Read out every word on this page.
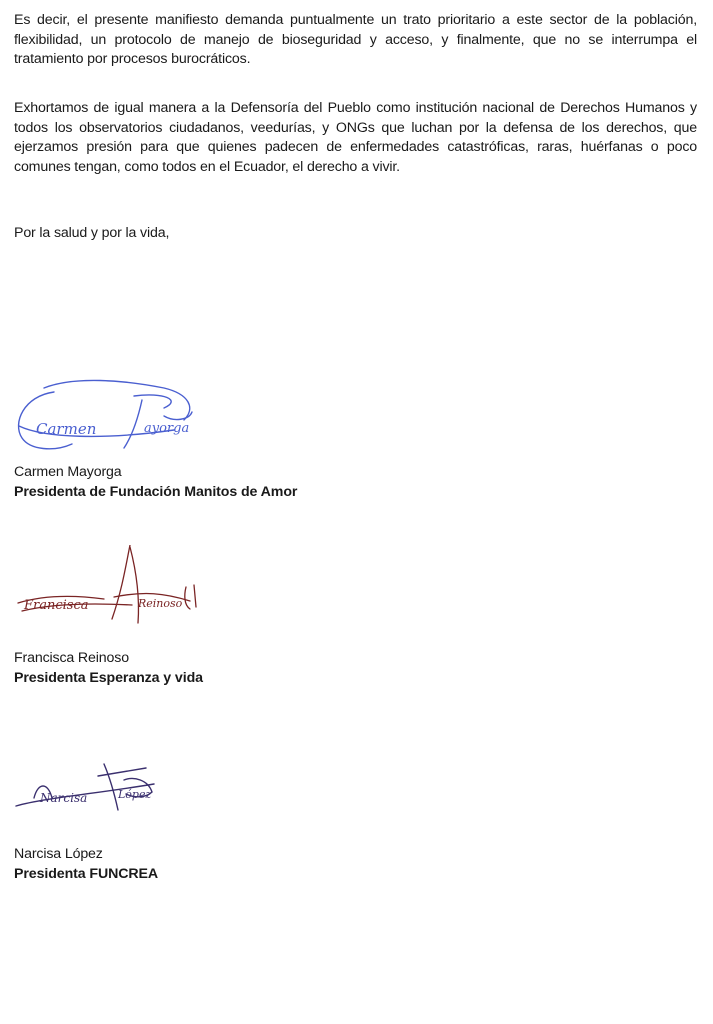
Es decir, el presente manifiesto demanda puntualmente un trato prioritario a este sector de la población, flexibilidad, un protocolo de manejo de bioseguridad y acceso, y finalmente, que no se interrumpa el tratamiento por procesos burocráticos.

Exhortamos de igual manera a la Defensoría del Pueblo como institución nacional de Derechos Humanos y todos los observatorios ciudadanos, veedurías, y ONGs que luchan por la defensa de los derechos, que ejerzamos presión para que quienes padecen de enfermedades catastróficas, raras, huérfanas o poco comunes tengan, como todos en el Ecuador, el derecho a vivir.

Por la salud y por la vida,

Carmen	ayorga
Carmen Mayorga
Presidenta de Fundación Manitos de Amor
Francisca	Reinoso
Francisca Reinoso
Presidenta Esperanza y vida
Narcisa	López
Narcisa López
Presidenta FUNCREA
